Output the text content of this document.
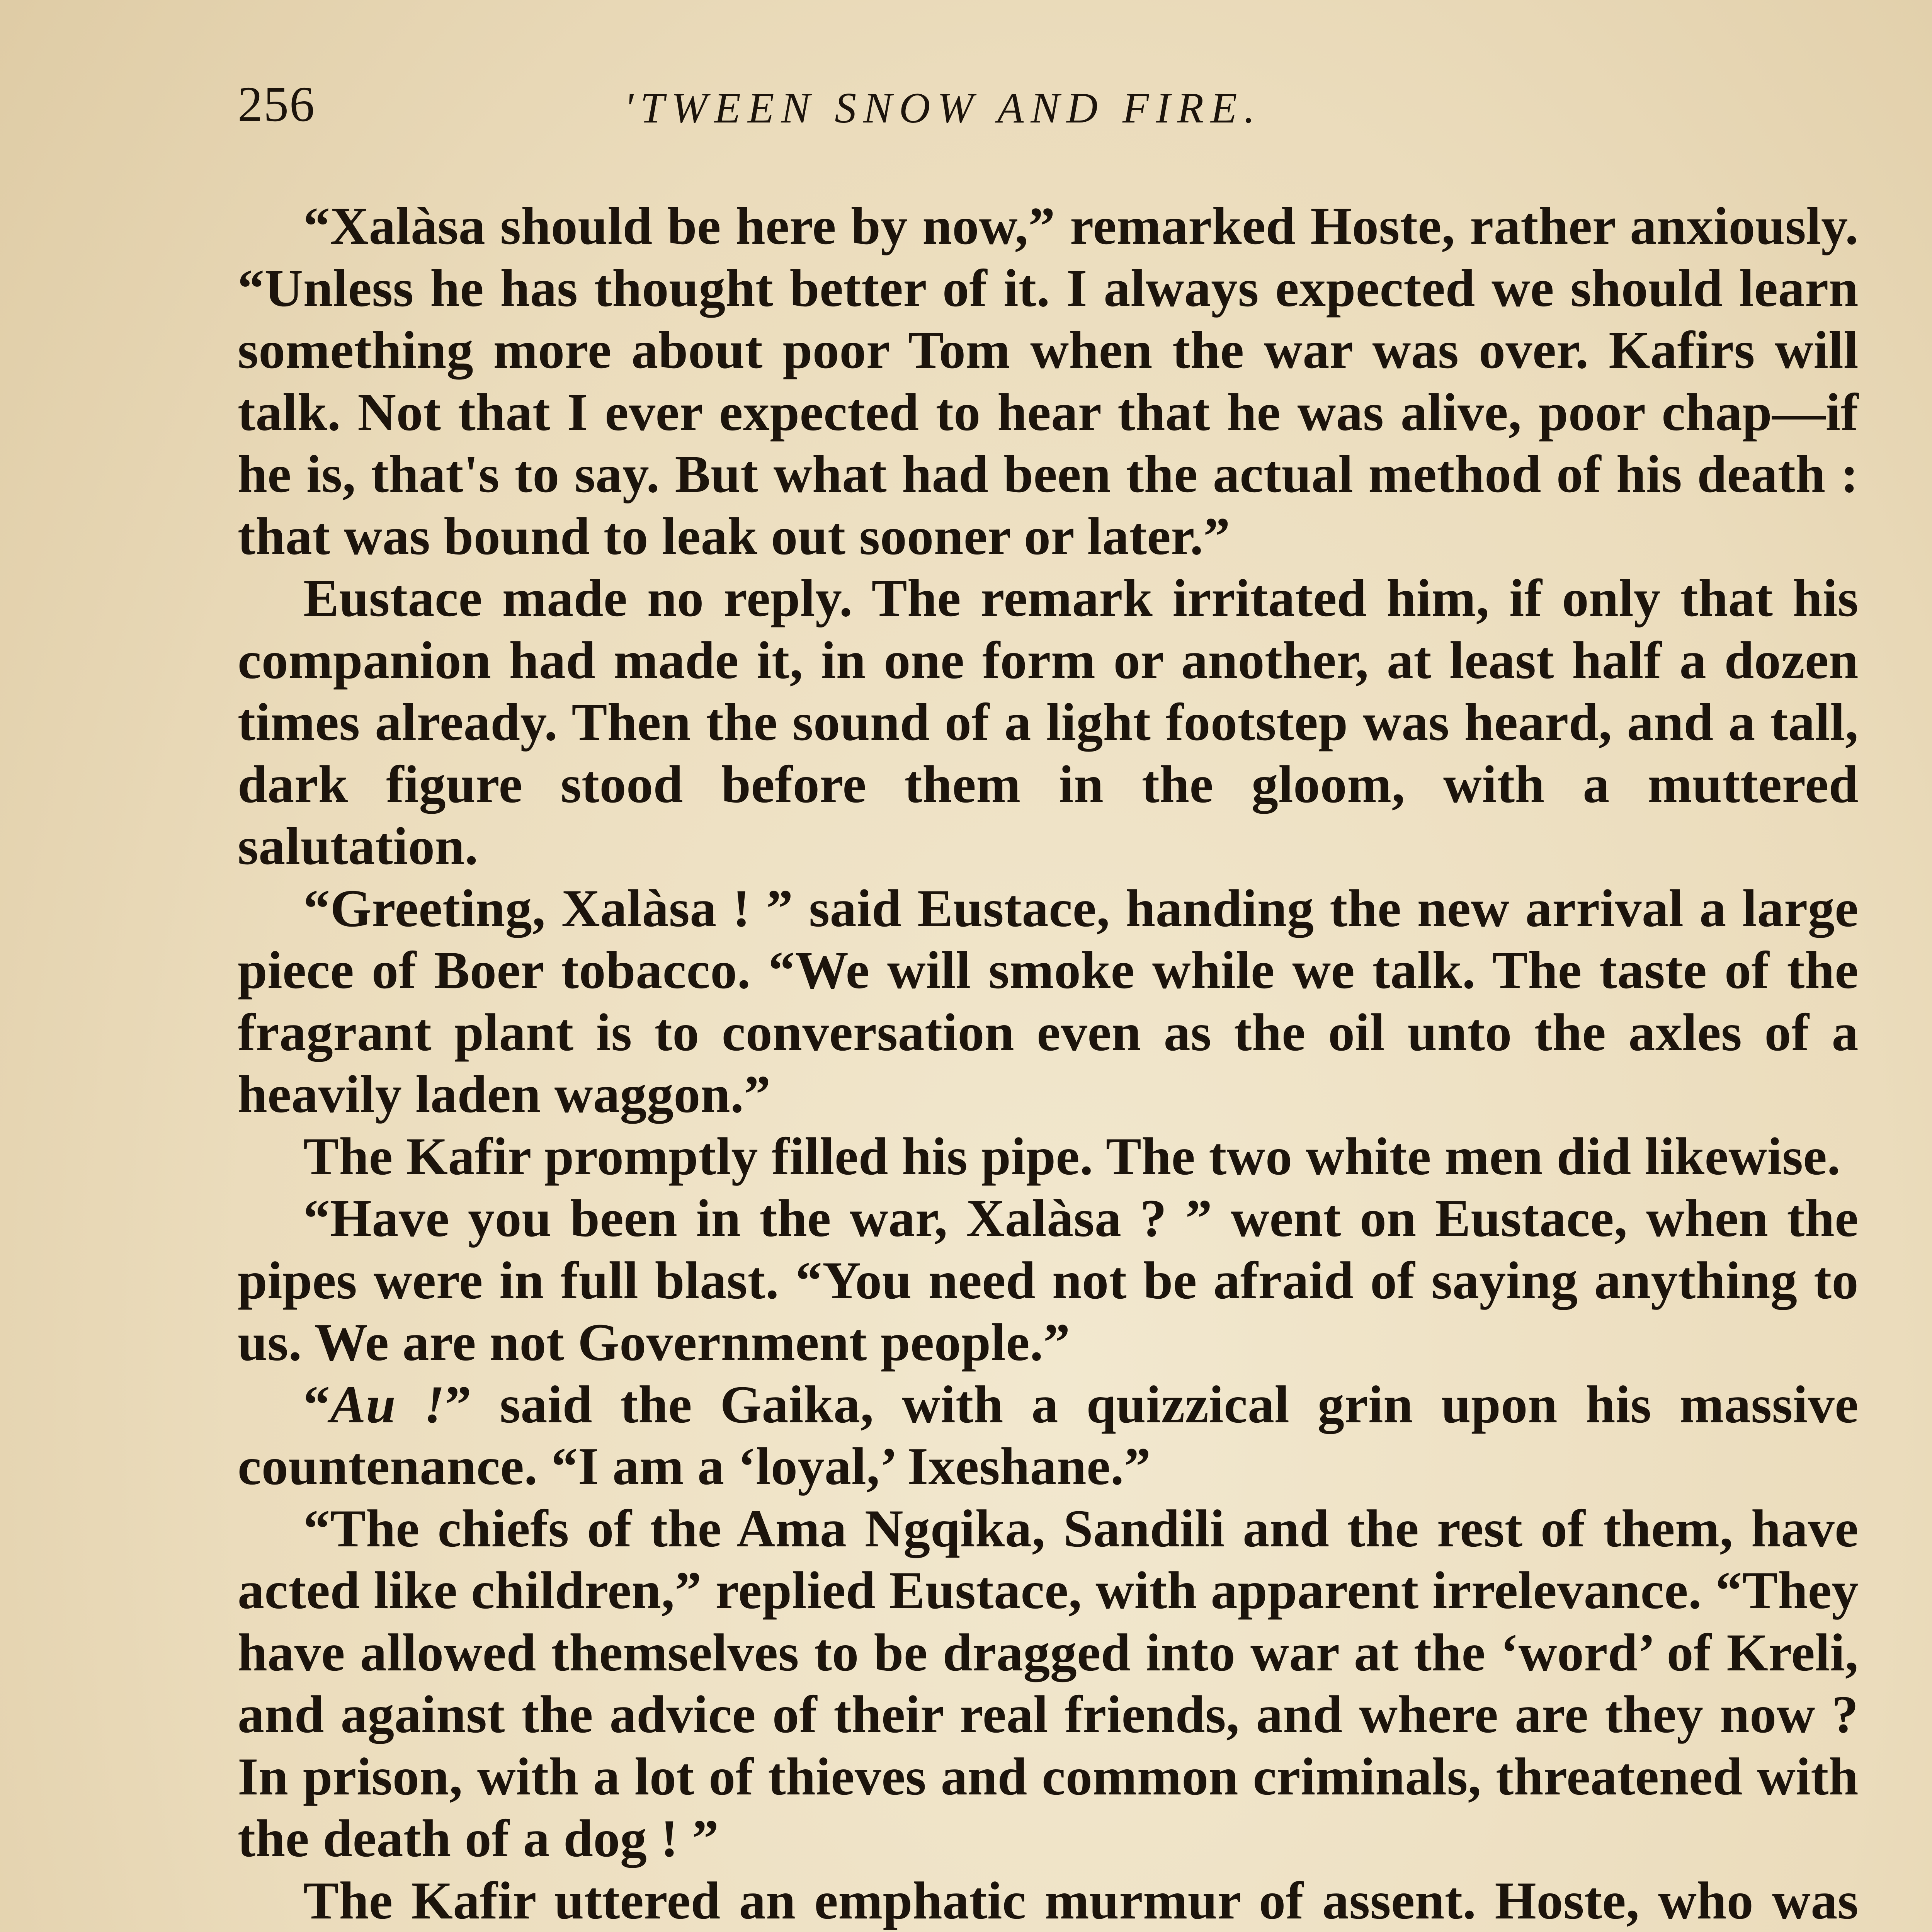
256	'TWEEN SNOW AND FIRE.

“Xalàsa should be here by now,” remarked Hoste, rather anxiously. “Unless he has thought better of it. I always expected we should learn something more about poor Tom when the war was over. Kafirs will talk. Not that I ever expected to hear that he was alive, poor chap—if he is, that's to say. But what had been the actual method of his death : that was bound to leak out sooner or later.”

Eustace made no reply. The remark irritated him, if only that his companion had made it, in one form or another, at least half a dozen times already. Then the sound of a light footstep was heard, and a tall, dark figure stood before them in the gloom, with a muttered salutation.

“Greeting, Xalàsa ! ” said Eustace, handing the new arrival a large piece of Boer tobacco. “We will smoke while we talk. The taste of the fragrant plant is to conversation even as the oil unto the axles of a heavily laden waggon.”

The Kafir promptly filled his pipe. The two white men did likewise.

“Have you been in the war, Xalàsa ? ” went on Eustace, when the pipes were in full blast. “You need not be afraid of saying anything to us. We are not Government people.”

“Au !” said the Gaika, with a quizzical grin upon his massive countenance. “I am a ‘loyal,’ Ixeshane.”

“The chiefs of the Ama Ngqika, Sandili and the rest of them, have acted like children,” replied Eustace, with apparent irrelevance. “They have allowed themselves to be dragged into war at the ‘word’ of Kreli, and against the advice of their real friends, and where are they now ? In prison, with a lot of thieves and common criminals, threatened with the death of a dog ! ”

The Kafir uttered an emphatic murmur of assent. Hoste, who was
